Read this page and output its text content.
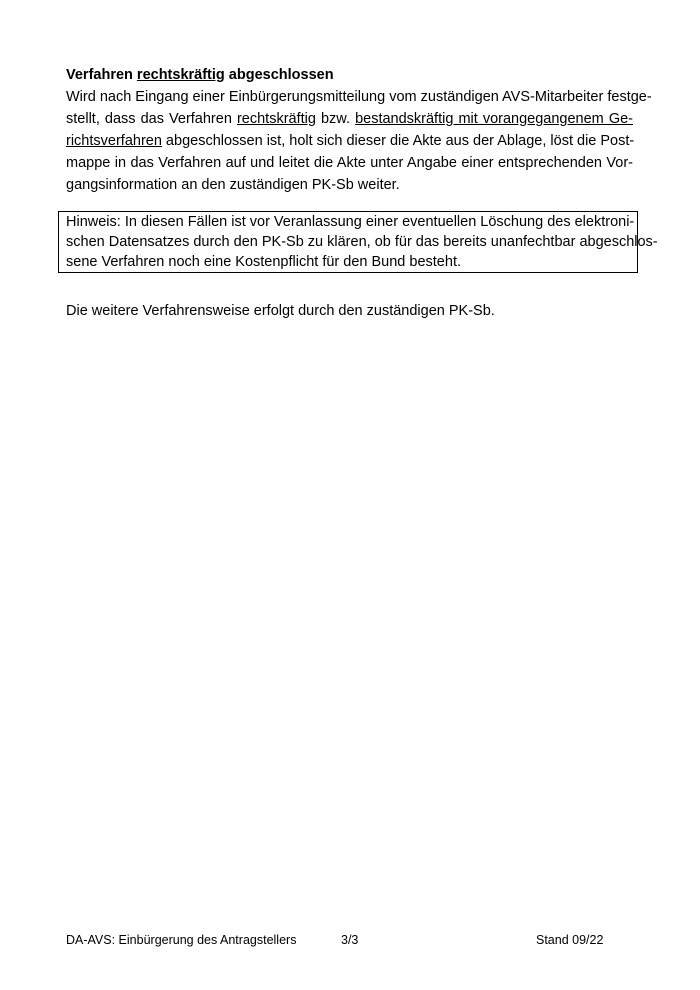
Verfahren rechtskräftig abgeschlossen
Wird nach Eingang einer Einbürgerungsmitteilung vom zuständigen AVS-Mitarbeiter festge-
stellt, dass das Verfahren rechtskräftig bzw. bestandskräftig mit vorangegangenem Ge-
richtsverfahren abgeschlossen ist, holt sich dieser die Akte aus der Ablage, löst die Post-
mappe in das Verfahren auf und leitet die Akte unter Angabe einer entsprechenden Vor-
gangsinformation an den zuständigen PK-Sb weiter.
Hinweis: In diesen Fällen ist vor Veranlassung einer eventuellen Löschung des elektroni-
schen Datensatzes durch den PK-Sb zu klären, ob für das bereits unanfechtbar abgeschlos-
sene Verfahren noch eine Kostenpflicht für den Bund besteht.
Die weitere Verfahrensweise erfolgt durch den zuständigen PK-Sb.
DA-AVS: Einbürgerung des Antragstellers	3/3	Stand 09/22
